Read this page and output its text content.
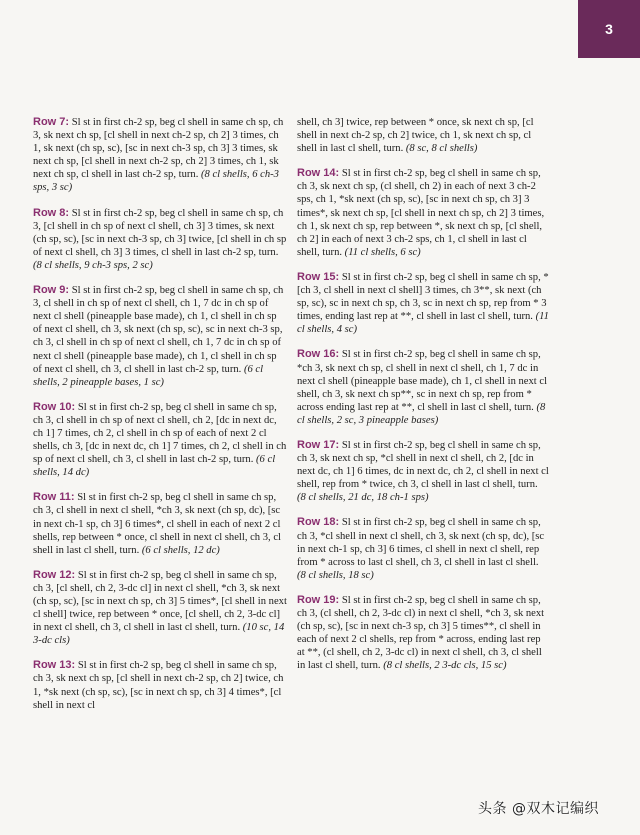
3

Row 7: Sl st in first ch-2 sp, beg cl shell in same ch sp, ch 3, sk next ch sp, [cl shell in next ch-2 sp, ch 2] 3 times, ch 1, sk next (ch sp, sc), [sc in next ch-3 sp, ch 3] 3 times, sk next ch sp, [cl shell in next ch-2 sp, ch 2] 3 times, ch 1, sk next ch sp, cl shell in last ch-2 sp, turn. (8 cl shells, 6 ch-3 sps, 3 sc)

Row 8: Sl st in first ch-2 sp, beg cl shell in same ch sp, ch 3, [cl shell in ch sp of next cl shell, ch 3] 3 times, sk next (ch sp, sc), [sc in next ch-3 sp, ch 3] twice, [cl shell in ch sp of next cl shell, ch 3] 3 times, cl shell in last ch-2 sp, turn. (8 cl shells, 9 ch-3 sps, 2 sc)

Row 9: Sl st in first ch-2 sp, beg cl shell in same ch sp, ch 3, cl shell in ch sp of next cl shell, ch 1, 7 dc in ch sp of next cl shell (pineapple base made), ch 1, cl shell in ch sp of next cl shell, ch 3, sk next (ch sp, sc), sc in next ch-3 sp, ch 3, cl shell in ch sp of next cl shell, ch 1, 7 dc in ch sp of next cl shell (pineapple base made), ch 1, cl shell in ch sp of next cl shell, ch 3, cl shell in last ch-2 sp, turn. (6 cl shells, 2 pineapple bases, 1 sc)

Row 10: Sl st in first ch-2 sp, beg cl shell in same ch sp, ch 3, cl shell in ch sp of next cl shell, ch 2, [dc in next dc, ch 1] 7 times, ch 2, cl shell in ch sp of each of next 2 cl shells, ch 3, [dc in next dc, ch 1] 7 times, ch 2, cl shell in ch sp of next cl shell, ch 3, cl shell in last ch-2 sp, turn. (6 cl shells, 14 dc)

Row 11: Sl st in first ch-2 sp, beg cl shell in same ch sp, ch 3, cl shell in next cl shell, *ch 3, sk next (ch sp, dc), [sc in next ch-1 sp, ch 3] 6 times*, cl shell in each of next 2 cl shells, rep between * once, cl shell in next cl shell, ch 3, cl shell in last cl shell, turn. (6 cl shells, 12 dc)

Row 12: Sl st in first ch-2 sp, beg cl shell in same ch sp, ch 3, [cl shell, ch 2, 3-dc cl] in next cl shell, *ch 3, sk next (ch sp, sc), [sc in next ch sp, ch 3] 5 times*, [cl shell in next cl shell] twice, rep between * once, [cl shell, ch 2, 3-dc cl] in next cl shell, ch 3, cl shell in last cl shell, turn. (10 sc, 14 3-dc cls)

Row 13: Sl st in first ch-2 sp, beg cl shell in same ch sp, ch 3, sk next ch sp, [cl shell in next ch-2 sp, ch 2] twice, ch 1, *sk next (ch sp, sc), [sc in next ch sp, ch 3] 4 times*, [cl shell in next cl

shell, ch 3] twice, rep between * once, sk next ch sp, [cl shell in next ch-2 sp, ch 2] twice, ch 1, sk next ch sp, cl shell in last cl shell, turn. (8 sc, 8 cl shells)

Row 14: Sl st in first ch-2 sp, beg cl shell in same ch sp, ch 3, sk next ch sp, (cl shell, ch 2) in each of next 3 ch-2 sps, ch 1, *sk next (ch sp, sc), [sc in next ch sp, ch 3] 3 times*, sk next ch sp, [cl shell in next ch sp, ch 2] 3 times, ch 1, sk next ch sp, rep between *, sk next ch sp, [cl shell, ch 2] in each of next 3 ch-2 sps, ch 1, cl shell in last cl shell, turn. (11 cl shells, 6 sc)

Row 15: Sl st in first ch-2 sp, beg cl shell in same ch sp, *[ch 3, cl shell in next cl shell] 3 times, ch 3**, sk next (ch sp, sc), sc in next ch sp, ch 3, sc in next ch sp, rep from * 3 times, ending last rep at **, cl shell in last cl shell, turn. (11 cl shells, 4 sc)

Row 16: Sl st in first ch-2 sp, beg cl shell in same ch sp, *ch 3, sk next ch sp, cl shell in next cl shell, ch 1, 7 dc in next cl shell (pineapple base made), ch 1, cl shell in next cl shell, ch 3, sk next ch sp**, sc in next ch sp, rep from * across ending last rep at **, cl shell in last cl shell, turn. (8 cl shells, 2 sc, 3 pineapple bases)

Row 17: Sl st in first ch-2 sp, beg cl shell in same ch sp, ch 3, sk next ch sp, *cl shell in next cl shell, ch 2, [dc in next dc, ch 1] 6 times, dc in next dc, ch 2, cl shell in next cl shell, rep from * twice, ch 3, cl shell in last cl shell, turn. (8 cl shells, 21 dc, 18 ch-1 sps)

Row 18: Sl st in first ch-2 sp, beg cl shell in same ch sp, ch 3, *cl shell in next cl shell, ch 3, sk next (ch sp, dc), [sc in next ch-1 sp, ch 3] 6 times, cl shell in next cl shell, rep from * across to last cl shell, ch 3, cl shell in last cl shell. (8 cl shells, 18 sc)

Row 19: Sl st in first ch-2 sp, beg cl shell in same ch sp, ch 3, (cl shell, ch 2, 3-dc cl) in next cl shell, *ch 3, sk next (ch sp, sc), [sc in next ch-3 sp, ch 3] 5 times**, cl shell in each of next 2 cl shells, rep from * across, ending last rep at **, (cl shell, ch 2, 3-dc cl) in next cl shell, ch 3, cl shell in last cl shell, turn. (8 cl shells, 2 3-dc cls, 15 sc)

头条 @双木记编织
